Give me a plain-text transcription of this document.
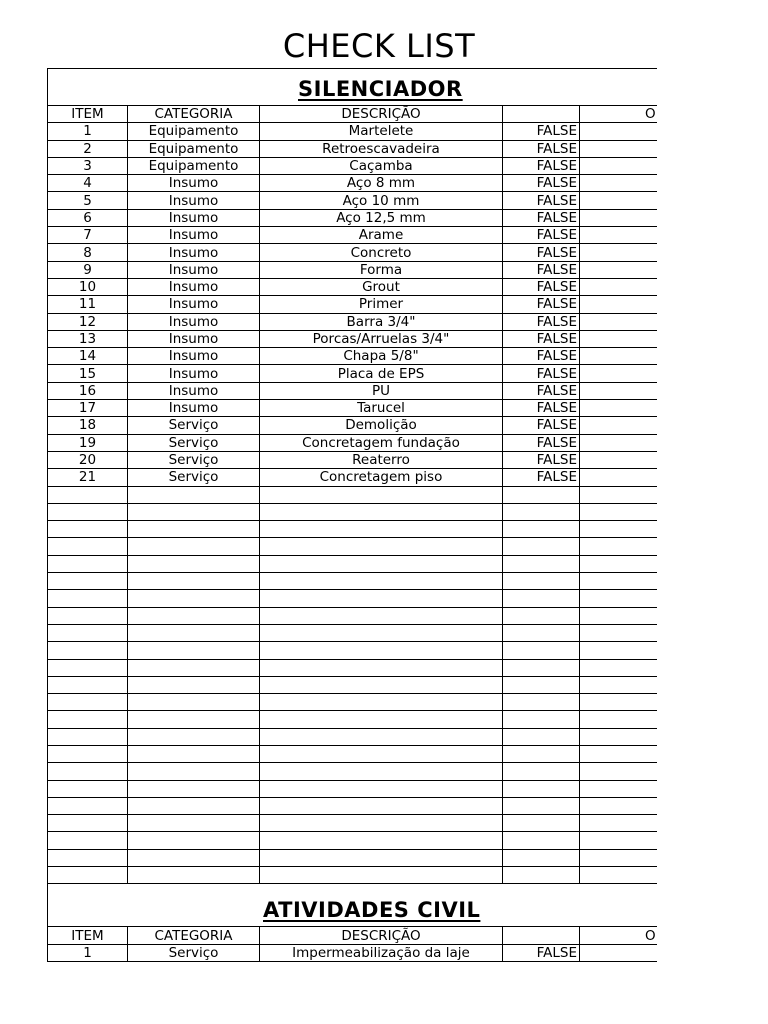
CHECK LIST
SILENCIADOR				
ITEM	CATEGORIA	DESCRIÇÃO		O
1	Equipamento	Martelete	FALSE	
2	Equipamento	Retroescavadeira	FALSE	
3	Equipamento	Caçamba	FALSE	
4	Insumo	Aço 8 mm	FALSE	
5	Insumo	Aço 10 mm	FALSE	
6	Insumo	Aço 12,5 mm	FALSE	
7	Insumo	Arame	FALSE	
8	Insumo	Concreto	FALSE	
9	Insumo	Forma	FALSE	
10	Insumo	Grout	FALSE	
11	Insumo	Primer	FALSE	
12	Insumo	Barra 3/4"	FALSE	
13	Insumo	Porcas/Arruelas 3/4"	FALSE	
14	Insumo	Chapa 5/8"	FALSE	
15	Insumo	Placa de EPS	FALSE	
16	Insumo	PU	FALSE	
17	Insumo	Tarucel	FALSE	
18	Serviço	Demolição	FALSE	
19	Serviço	Concretagem fundação	FALSE	
20	Serviço	Reaterro	FALSE	
21	Serviço	Concretagem piso	FALSE	

ATIVIDADES CIVIL				
ITEM	CATEGORIA	DESCRIÇÃO		O
1	Serviço	Impermeabilização da laje	FALSE	
